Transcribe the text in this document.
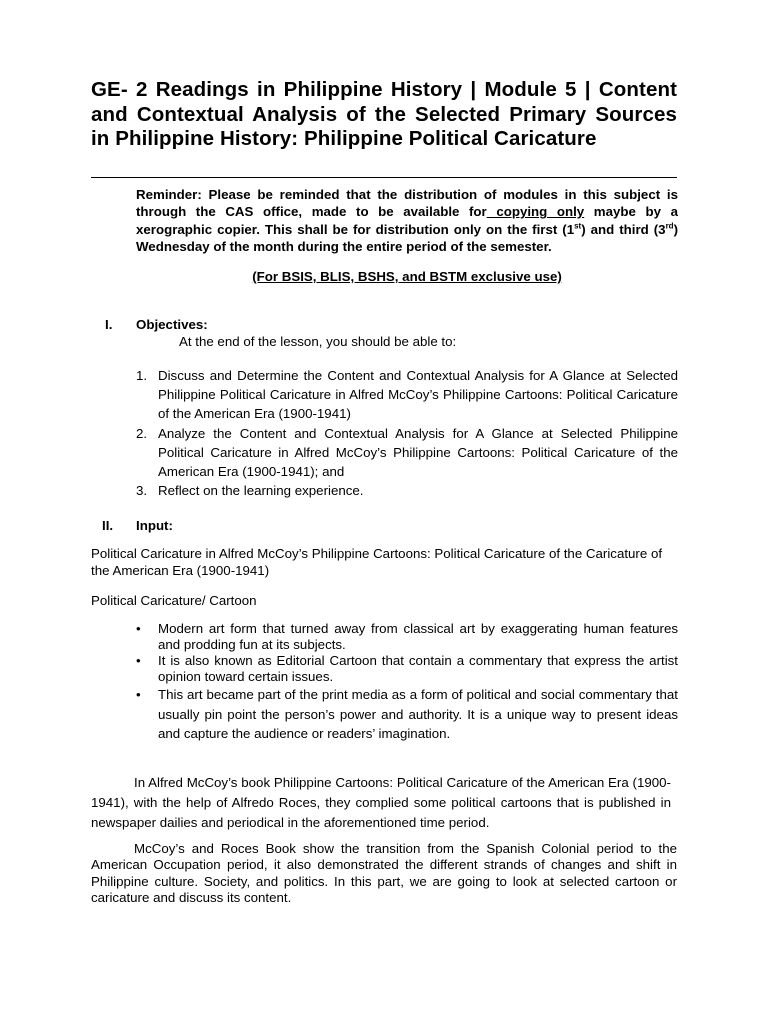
GE- 2 Readings in Philippine History | Module 5 | Content and Contextual Analysis of the Selected Primary Sources in Philippine History: Philippine Political Caricature
Reminder: Please be reminded that the distribution of modules in this subject is through the CAS office, made to be available for copying only maybe by a xerographic copier. This shall be for distribution only on the first (1st) and third (3rd) Wednesday of the month during the entire period of the semester.
(For BSIS, BLIS, BSHS, and BSTM exclusive use)
I. Objectives:
At the end of the lesson, you should be able to:
1. Discuss and Determine the Content and Contextual Analysis for A Glance at Selected Philippine Political Caricature in Alfred McCoy’s Philippine Cartoons: Political Caricature of the American Era (1900-1941)
2. Analyze the Content and Contextual Analysis for A Glance at Selected Philippine Political Caricature in Alfred McCoy’s Philippine Cartoons: Political Caricature of the American Era (1900-1941); and
3. Reflect on the learning experience.
II. Input:
Political Caricature in Alfred McCoy’s Philippine Cartoons: Political Caricature of the Caricature of the American Era (1900-1941)
Political Caricature/ Cartoon
• Modern art form that turned away from classical art by exaggerating human features and prodding fun at its subjects.
• It is also known as Editorial Cartoon that contain a commentary that express the artist opinion toward certain issues.
• This art became part of the print media as a form of political and social commentary that usually pin point the person’s power and authority. It is a unique way to present ideas and capture the audience or readers’ imagination.
In Alfred McCoy’s book Philippine Cartoons: Political Caricature of the American Era (1900-1941), with the help of Alfredo Roces, they complied some political cartoons that is published in newspaper dailies and periodical in the aforementioned time period.
McCoy’s and Roces Book show the transition from the Spanish Colonial period to the American Occupation period, it also demonstrated the different strands of changes and shift in Philippine culture. Society, and politics. In this part, we are going to look at selected cartoon or caricature and discuss its content.
